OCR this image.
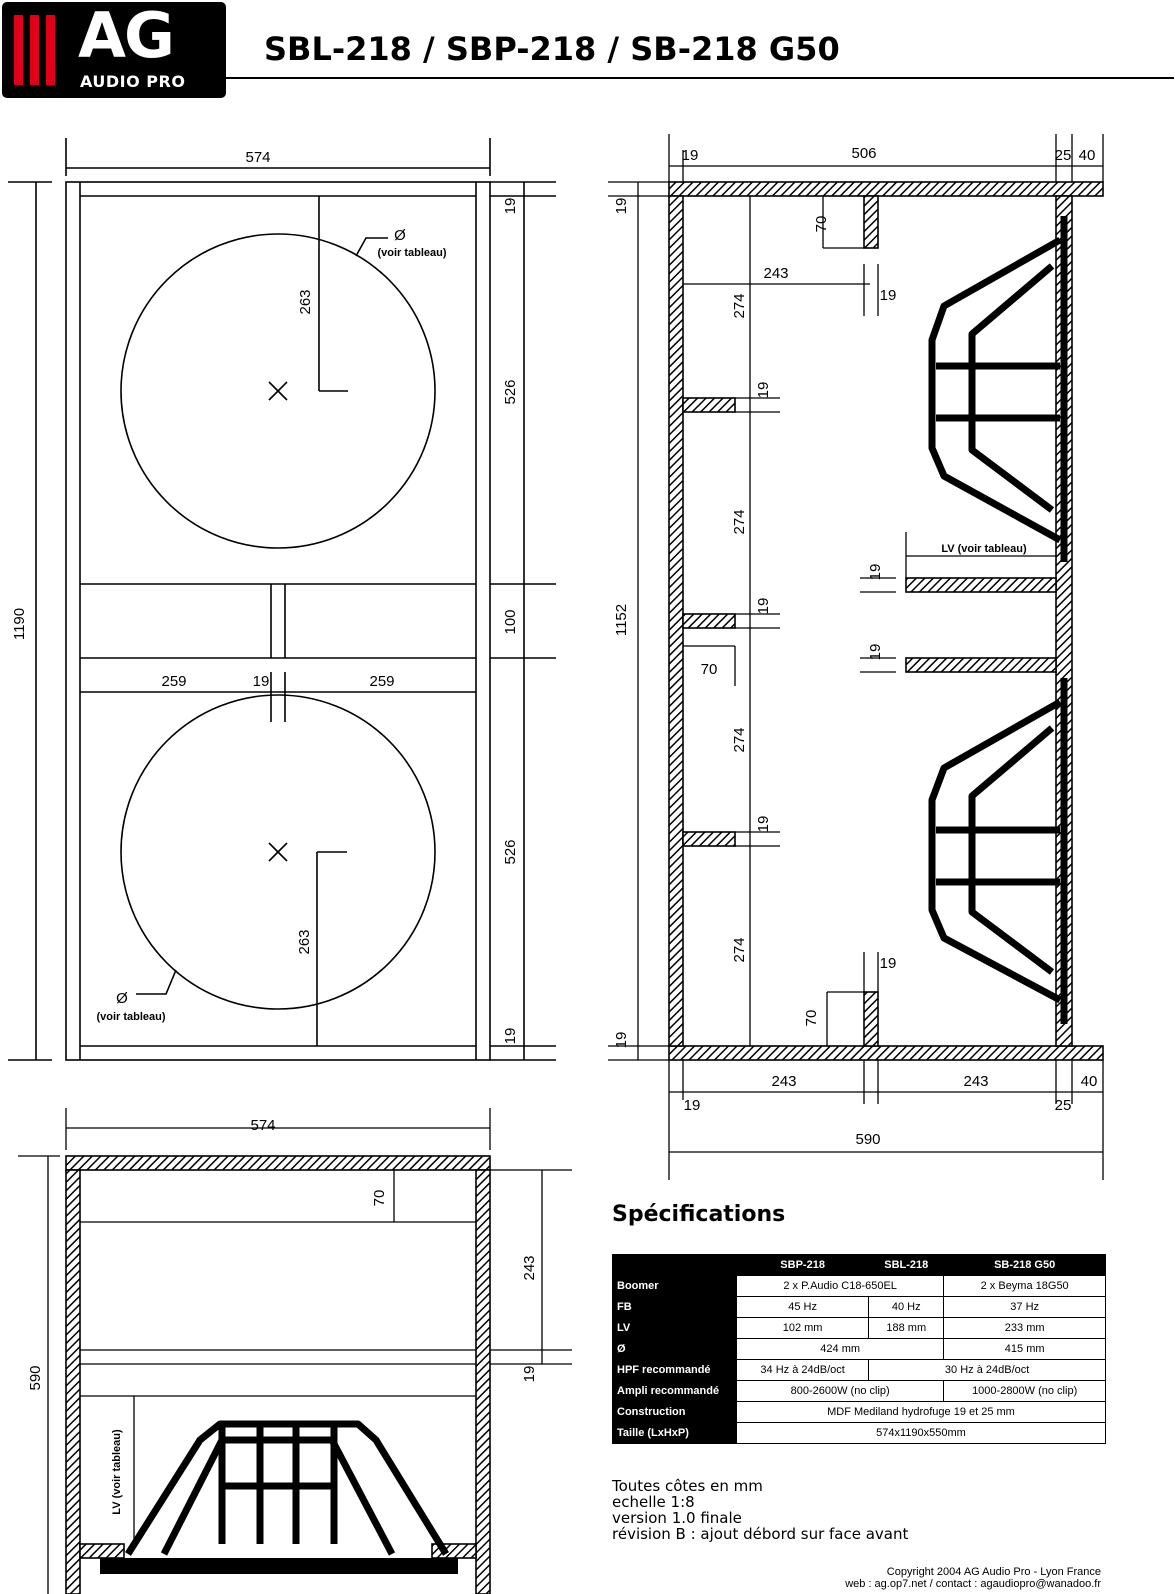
AG
AUDIO PRO
SBL-218 / SBP-218 / SB-218 G50
574
1190
19
526
100
526
19
263
263
259	19	259
Ø
(voir tableau)
Ø
(voir tableau)
19	506	25 40
19
1152
19
70
243
19
274
274
274
274
19
19
19
70
LV (voir tableau)
19
19
19
70
243	243	40
19	25
590
574
590
70
243
19
LV (voir tableau)
Spécifications
	SBP-218	SBL-218	SB-218 G50
Boomer	2 x P.Audio C18-650EL		2 x Beyma 18G50
FB	45 Hz	40 Hz	37 Hz
LV	102 mm	188 mm	233 mm
Ø	424 mm		415 mm
HPF recommandé	34 Hz à 24dB/oct	30 Hz à 24dB/oct	
Ampli recommandé	800-2600W (no clip)		1000-2800W (no clip)
Construction	MDF Mediland hydrofuge 19 et 25 mm		
Taille (LxHxP)	574x1190x550mm		
Toutes côtes en mm
echelle 1:8
version 1.0 finale
révision B : ajout débord sur face avant
Copyright 2004 AG Audio Pro - Lyon France
web : ag.op7.net / contact : agaudiopro@wanadoo.fr
